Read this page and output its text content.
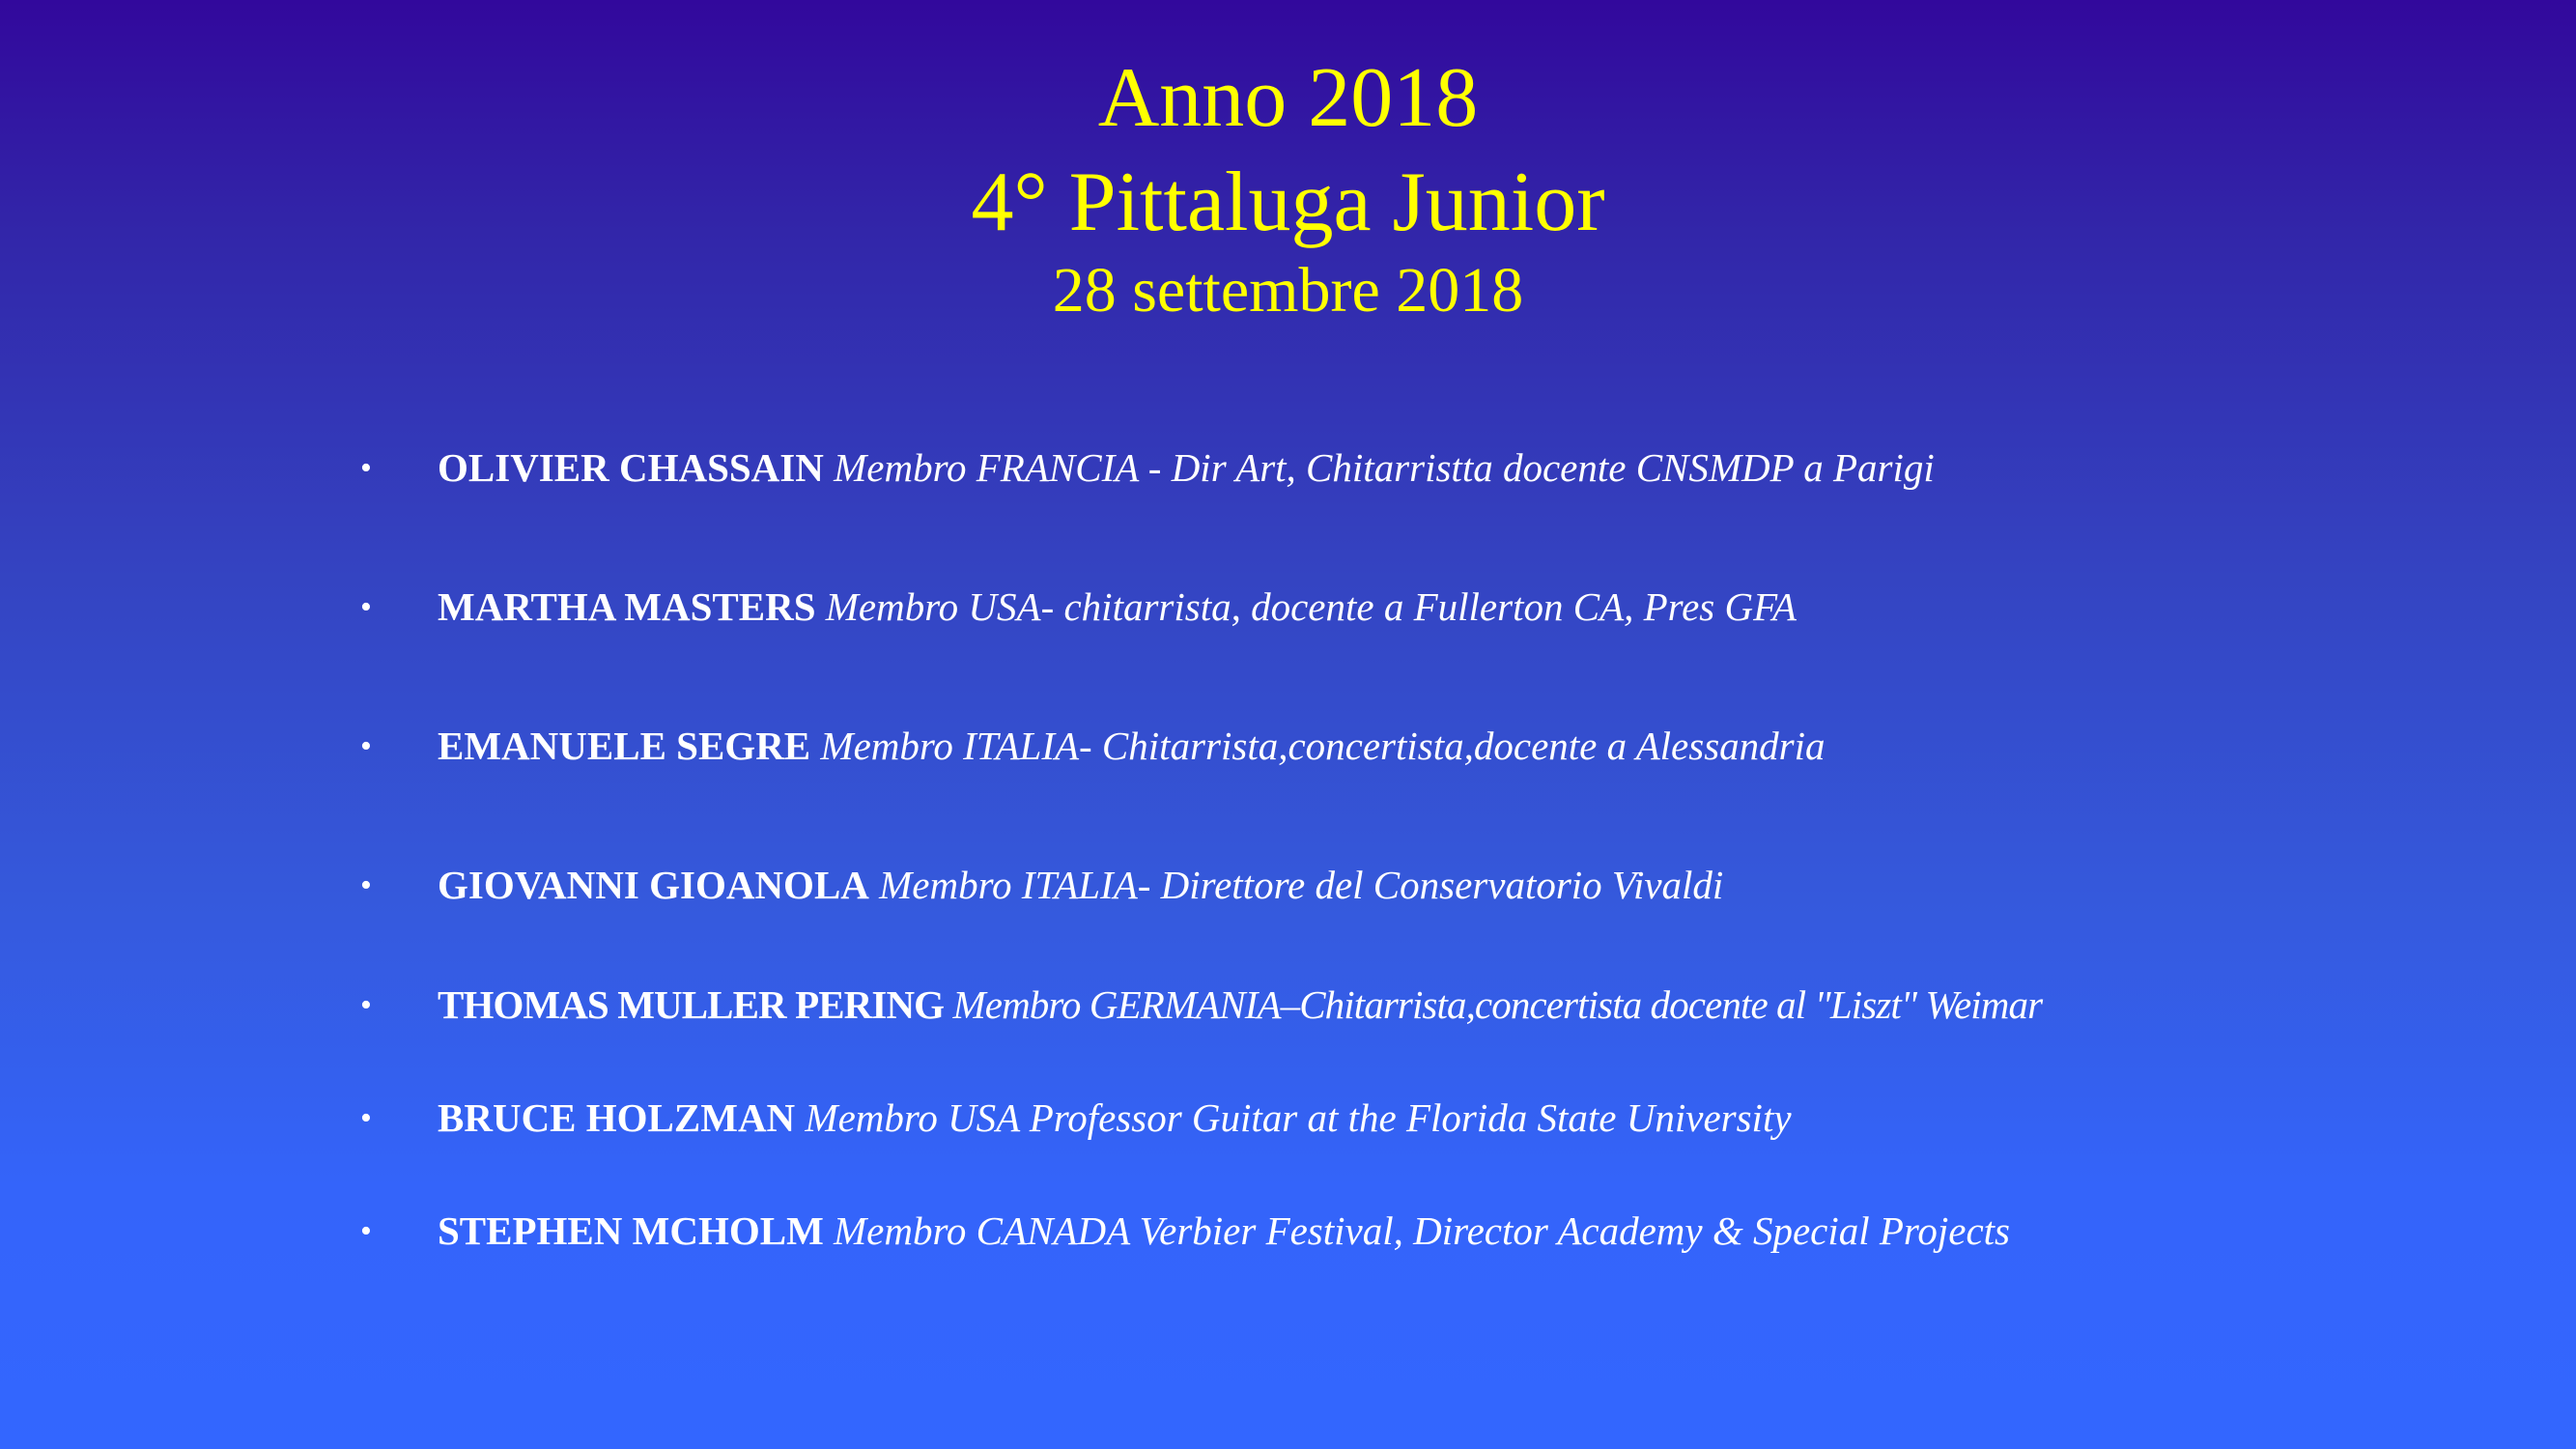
Anno 2018
4° Pittaluga Junior
28 settembre 2018
• OLIVIER CHASSAIN Membro FRANCIA - Dir Art, Chitarristta docente CNSMDP a Parigi
• MARTHA MASTERS Membro USA- chitarrista, docente a Fullerton CA, Pres GFA
• EMANUELE SEGRE Membro ITALIA- Chitarrista,concertista,docente a Alessandria
• GIOVANNI GIOANOLA Membro ITALIA- Direttore del Conservatorio Vivaldi
• THOMAS MULLER PERING Membro GERMANIA–Chitarrista,concertista docente al "Liszt" Weimar
• BRUCE HOLZMAN Membro USA Professor Guitar at the Florida State University
• STEPHEN MCHOLM Membro CANADA Verbier Festival, Director Academy & Special Projects
